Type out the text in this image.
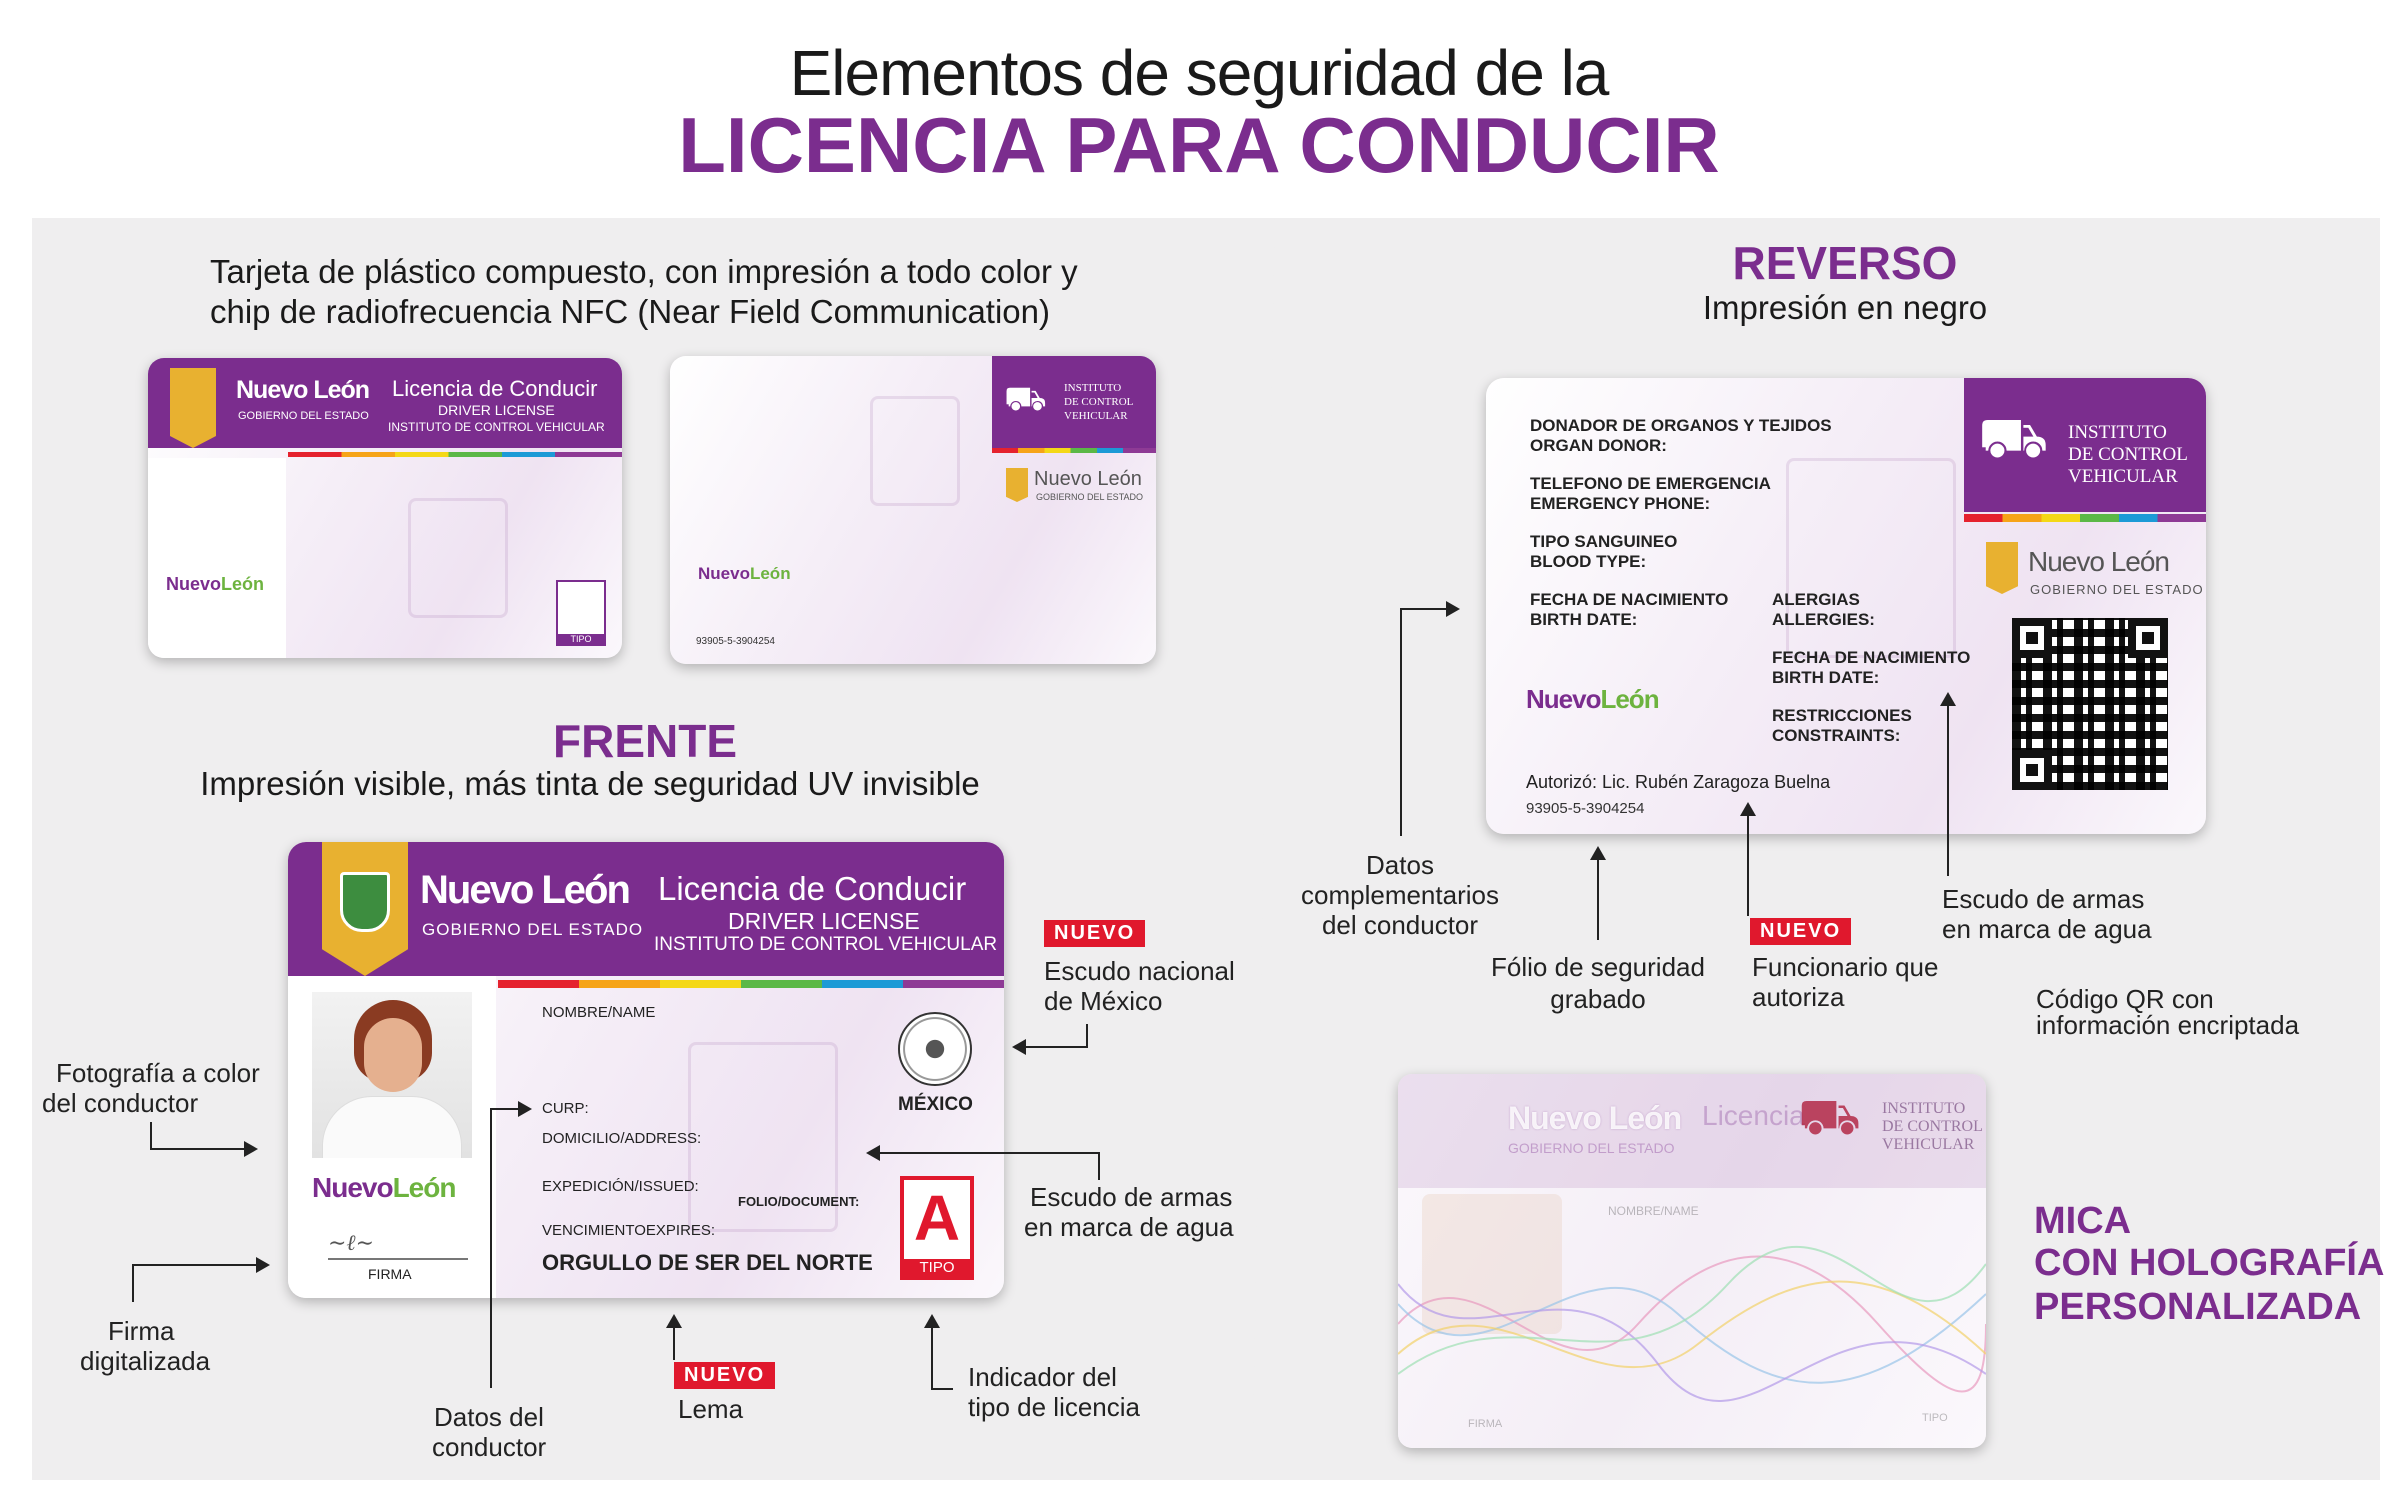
Elementos de seguridad de la
LICENCIA PARA CONDUCIR
Tarjeta de plástico compuesto, con impresión a todo color y
chip de radiofrecuencia NFC (Near Field Communication)
Nuevo León
GOBIERNO DEL ESTADO
Licencia de Conducir
DRIVER LICENSE
INSTITUTO DE CONTROL VEHICULAR
NuevoLeón
TIPO
⛟ INSTITUTO
DE CONTROL
VEHICULAR
Nuevo León
GOBIERNO DEL ESTADO
NuevoLeón
93905-5-3904254
FRENTE
Impresión visible, más tinta de seguridad UV invisible
Nuevo León
GOBIERNO DEL ESTADO
Licencia de Conducir
DRIVER LICENSE
INSTITUTO DE CONTROL VEHICULAR
NuevoLeón
∼ℓ∼
FIRMA
NOMBRE/NAME
CURP:
DOMICILIO/ADDRESS:
EXPEDICIÓN/ISSUED:
FOLIO/DOCUMENT:
VENCIMIENTOEXPIRES:
ORGULLO DE SER DEL NORTE
MÉXICO
A
TIPO
Fotografía a color
del conductor
Firma
digitalizada
Datos del
conductor
NUEVO
Lema
Indicador del
tipo de licencia
NUEVO
Escudo nacional
de México
Escudo de armas
en marca de agua
REVERSO
Impresión en negro
DONADOR DE ORGANOS Y TEJIDOS
ORGAN DONOR:
TELEFONO DE EMERGENCIA
EMERGENCY PHONE:
TIPO SANGUINEO
BLOOD TYPE:
FECHA DE NACIMIENTO
BIRTH DATE:
ALERGIAS
ALLERGIES:
FECHA DE NACIMIENTO
BIRTH DATE:
RESTRICCIONES
CONSTRAINTS:
NuevoLeón
Autorizó: Lic. Rubén Zaragoza Buelna
93905-5-3904254
⛟ INSTITUTO
DE CONTROL
VEHICULAR
Nuevo León
GOBIERNO DEL ESTADO
Datos
complementarios
del conductor
Fólio de seguridad
grabado
NUEVO
Funcionario que
autoriza
Escudo de armas
en marca de agua
Código QR con
información encriptada
Nuevo León
GOBIERNO DEL ESTADO
Licencia
⛟ INSTITUTO
DE CONTROL
VEHICULAR
NOMBRE/NAME
FIRMA	TIPO
MICA
CON HOLOGRAFÍA
PERSONALIZADA
